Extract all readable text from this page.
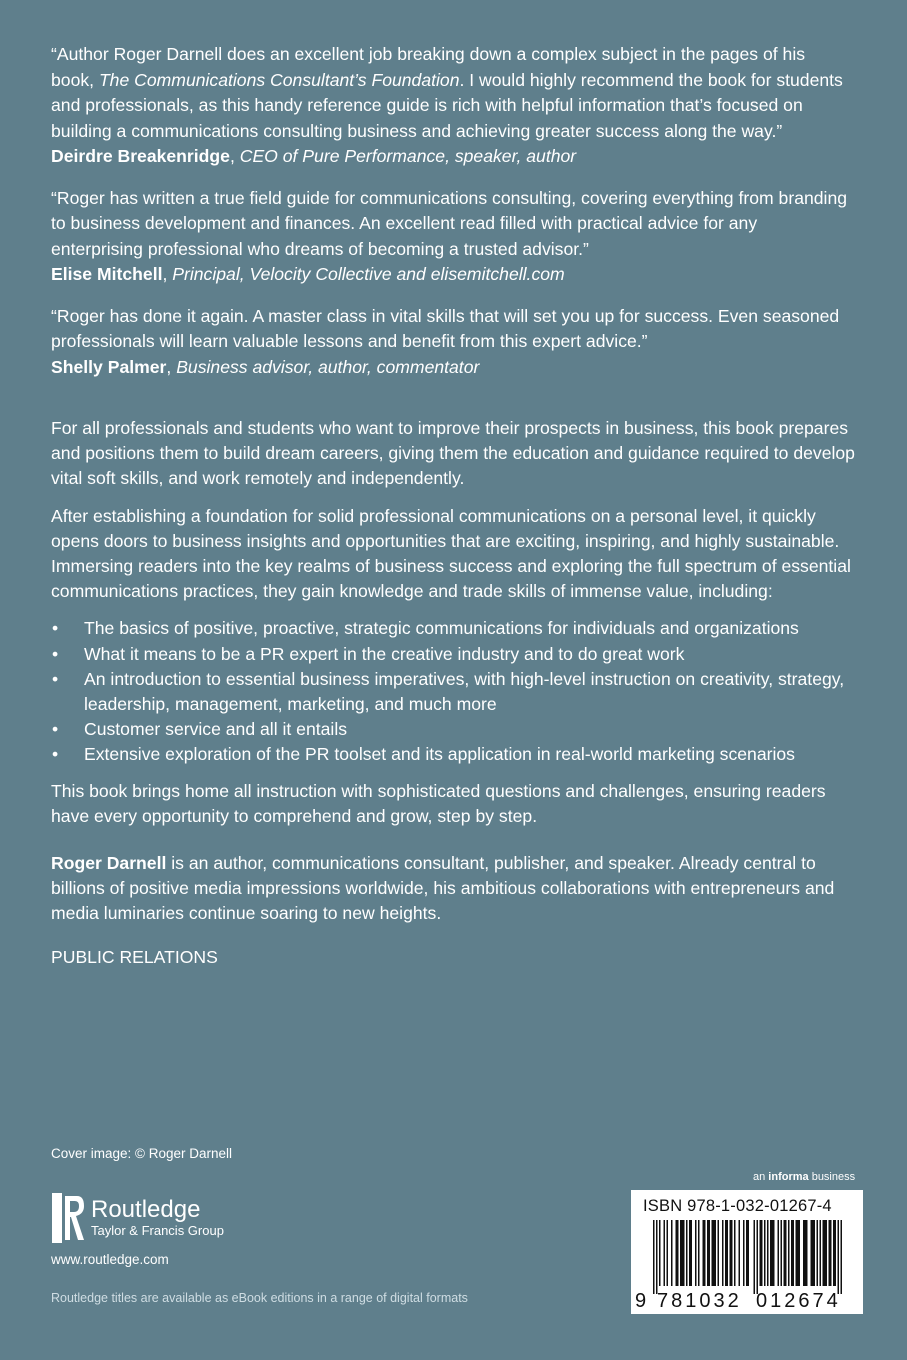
“Author Roger Darnell does an excellent job breaking down a complex subject in the pages of his book, The Communications Consultant’s Foundation. I would highly recommend the book for students and professionals, as this handy reference guide is rich with helpful information that’s focused on building a communications consulting business and achieving greater success along the way.”

Deirdre Breakenridge, CEO of Pure Performance, speaker, author

“Roger has written a true field guide for communications consulting, covering everything from branding to business development and finances. An excellent read filled with practical advice for any enterprising professional who dreams of becoming a trusted advisor.”

Elise Mitchell, Principal, Velocity Collective and elisemitchell.com

“Roger has done it again. A master class in vital skills that will set you up for success. Even seasoned professionals will learn valuable lessons and benefit from this expert advice.”

Shelly Palmer, Business advisor, author, commentator

For all professionals and students who want to improve their prospects in business, this book prepares and positions them to build dream careers, giving them the education and guidance required to develop vital soft skills, and work remotely and independently.

After establishing a foundation for solid professional communications on a personal level, it quickly opens doors to business insights and opportunities that are exciting, inspiring, and highly sustainable. Immersing readers into the key realms of business success and exploring the full spectrum of essential communications practices, they gain knowledge and trade skills of immense value, including:

• The basics of positive, proactive, strategic communications for individuals and organizations
• What it means to be a PR expert in the creative industry and to do great work
• An introduction to essential business imperatives, with high-level instruction on creativity, strategy, leadership, management, marketing, and much more
• Customer service and all it entails
• Extensive exploration of the PR toolset and its application in real-world marketing scenarios

This book brings home all instruction with sophisticated questions and challenges, ensuring readers have every opportunity to comprehend and grow, step by step.

Roger Darnell is an author, communications consultant, publisher, and speaker. Already central to billions of positive media impressions worldwide, his ambitious collaborations with entrepreneurs and media luminaries continue soaring to new heights.

PUBLIC RELATIONS
Cover image: © Roger Darnell
Routledge
Taylor & Francis Group
www.routledge.com
Routledge titles are available as eBook editions in a range of digital formats
an informa business
ISBN 978-1-032-01267-4
9 781032 012674
